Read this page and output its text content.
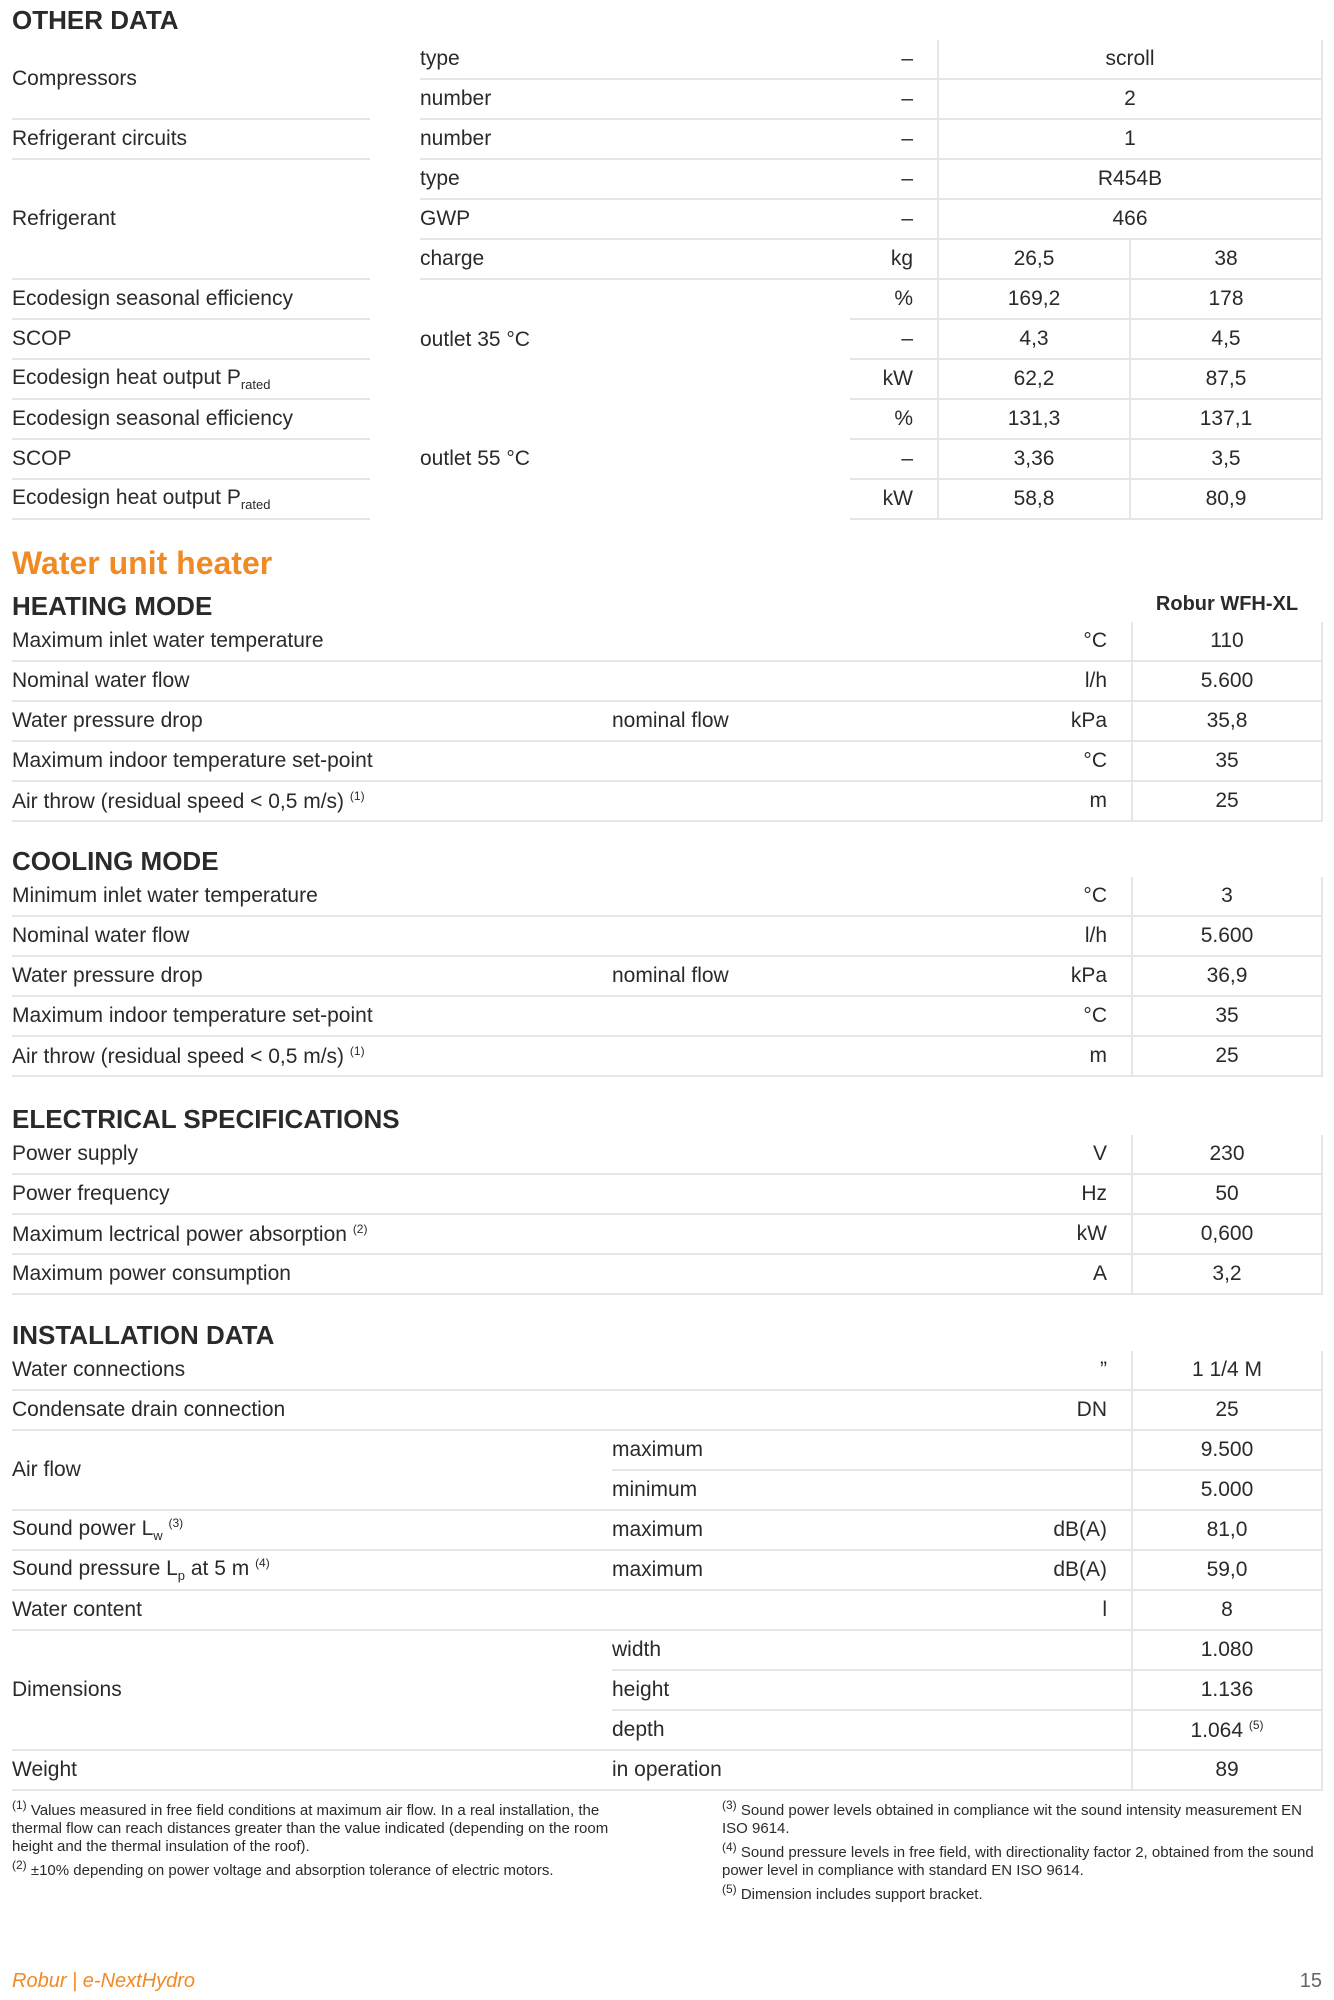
OTHER DATA
Compressors		type	–	scroll	
		number	–	2	
Refrigerant circuits		number	–	1	
Refrigerant		type	–	R454B	
		GWP	–	466	
		charge	kg	26,5	38
Ecodesign seasonal efficiency		outlet 35 °C	%	169,2	178
SCOP			–	4,3	4,5
Ecodesign heat output $P_{rated}$			kW	62,2	87,5
Ecodesign seasonal efficiency		outlet 55 °C	%	131,3	137,1
SCOP			–	3,36	3,5
Ecodesign heat output $P_{rated}$			kW	58,8	80,9
Water unit heater
HEATING MODE	Robur WFH-XL
Maximum inlet water temperature		°C	110
Nominal water flow		l/h	5.600
Water pressure drop	nominal flow	kPa	35,8
Maximum indoor temperature set-point		°C	35
Air throw (residual speed < 0,5 m/s) $^{(1)}$		m	25
COOLING MODE
Minimum inlet water temperature		°C	3
Nominal water flow		l/h	5.600
Water pressure drop	nominal flow	kPa	36,9
Maximum indoor temperature set-point		°C	35
Air throw (residual speed < 0,5 m/s) $^{(1)}$		m	25
ELECTRICAL SPECIFICATIONS
Power supply		V	230
Power frequency		Hz	50
Maximum lectrical power absorption $^{(2)}$		kW	0,600
Maximum power consumption		A	3,2
INSTALLATION DATA
Water connections		”	1 1/4 M
Condensate drain connection		DN	25
Air flow	maximum		9.500
	minimum		5.000
Sound power $L_w$ $^{(3)}$	maximum	dB(A)	81,0
Sound pressure $L_p$ at 5 m $^{(4)}$	maximum	dB(A)	59,0
Water content		l	8
Dimensions	width		1.080
	height		1.136
	depth		1.064 $^{(5)}$
Weight	in operation		89

$^{(1)}$ Values measured in free field conditions at maximum air flow. In a real installation, the thermal flow can reach distances greater than the value indicated (depending on the room height and the thermal insulation of the roof).

$^{(2)}$ ±10% depending on power voltage and absorption tolerance of electric motors.

$^{(3)}$ Sound power levels obtained in compliance wit the sound intensity measurement EN ISO 9614.

$^{(4)}$ Sound pressure levels in free field, with directionality factor 2, obtained from the sound power level in compliance with standard EN ISO 9614.

$^{(5)}$ Dimension includes support bracket.

Robur | e-NextHydro	15
